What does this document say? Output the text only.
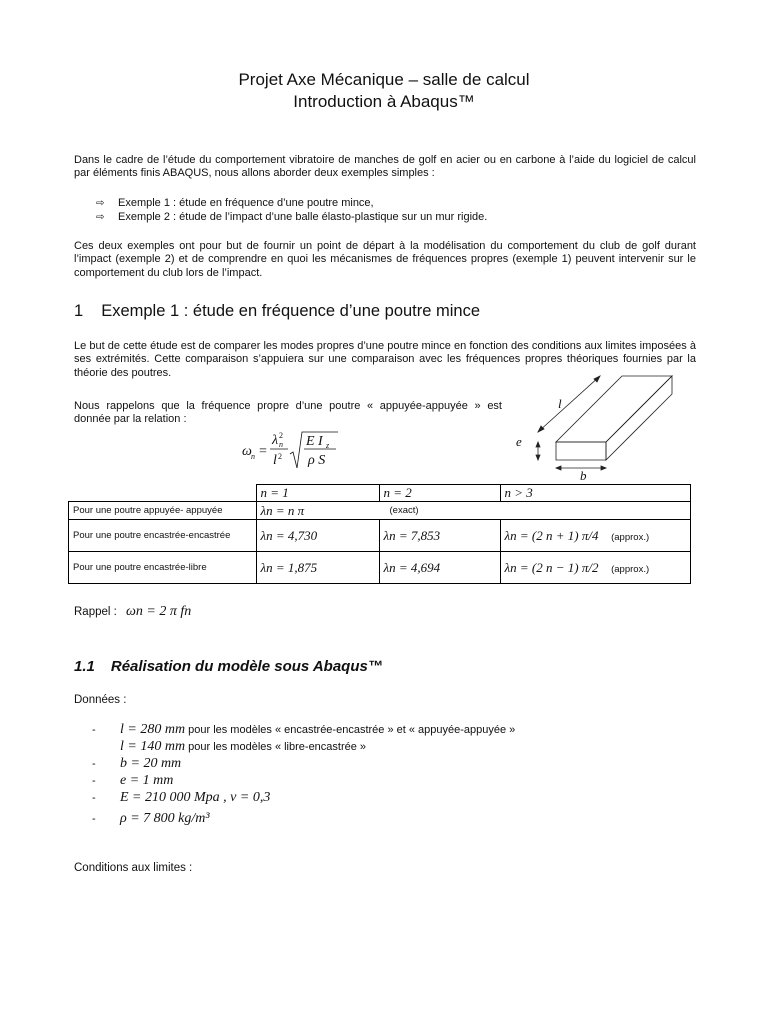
Projet Axe Mécanique – salle de calcul
Introduction à Abaqus™
Dans le cadre de l’étude du comportement vibratoire de manches de golf en acier ou en carbone à l’aide du logiciel de calcul par éléments finis ABAQUS, nous allons aborder deux exemples simples :
⇨ Exemple 1 : étude en fréquence d’une poutre mince,
⇨ Exemple 2 : étude de l’impact d’une balle élasto-plastique sur un mur rigide.
Ces deux exemples ont pour but de fournir un point de départ à la modélisation du comportement du club de golf durant l’impact (exemple 2) et de comprendre en quoi les mécanismes de fréquences propres (exemple 1) peuvent intervenir sur le comportement du club lors de l’impact.
1 Exemple 1 : étude en fréquence d’une poutre mince
Le but de cette étude est de comparer les modes propres d’une poutre mince en fonction des conditions aux limites imposées à ses extrémités. Cette comparaison s’appuiera sur une comparaison avec les fréquences propres théoriques fournies par la théorie des poutres.
Nous rappelons que la fréquence propre d’une poutre « appuyée-appuyée » est donnée par la relation :
ω n =
λ n
2
l 2
E I z
ρ S
l
e
b
	n = 1	n = 2	n > 3
Pour une poutre appuyée- appuyée	λn = n π (exact)		

Pour une poutre encastrée-encastrée	λn = 4,730	λn = 7,853	λn = (2 n + 1) π/4 (approx.)
Pour une poutre encastrée-libre	λn = 1,875	λn = 4,694	λn = (2 n − 1) π/2 (approx.)
Rappel : ωn = 2 π fn
1.1 Réalisation du modèle sous Abaqus™
Données :
- l = 280 mm pour les modèles « encastrée-encastrée » et « appuyée-appuyée »
l = 140 mm pour les modèles « libre-encastrée »
- b = 20 mm
- e = 1 mm
- E = 210 000 Mpa , ν = 0,3
- ρ = 7 800 kg/m³
Conditions aux limites :
